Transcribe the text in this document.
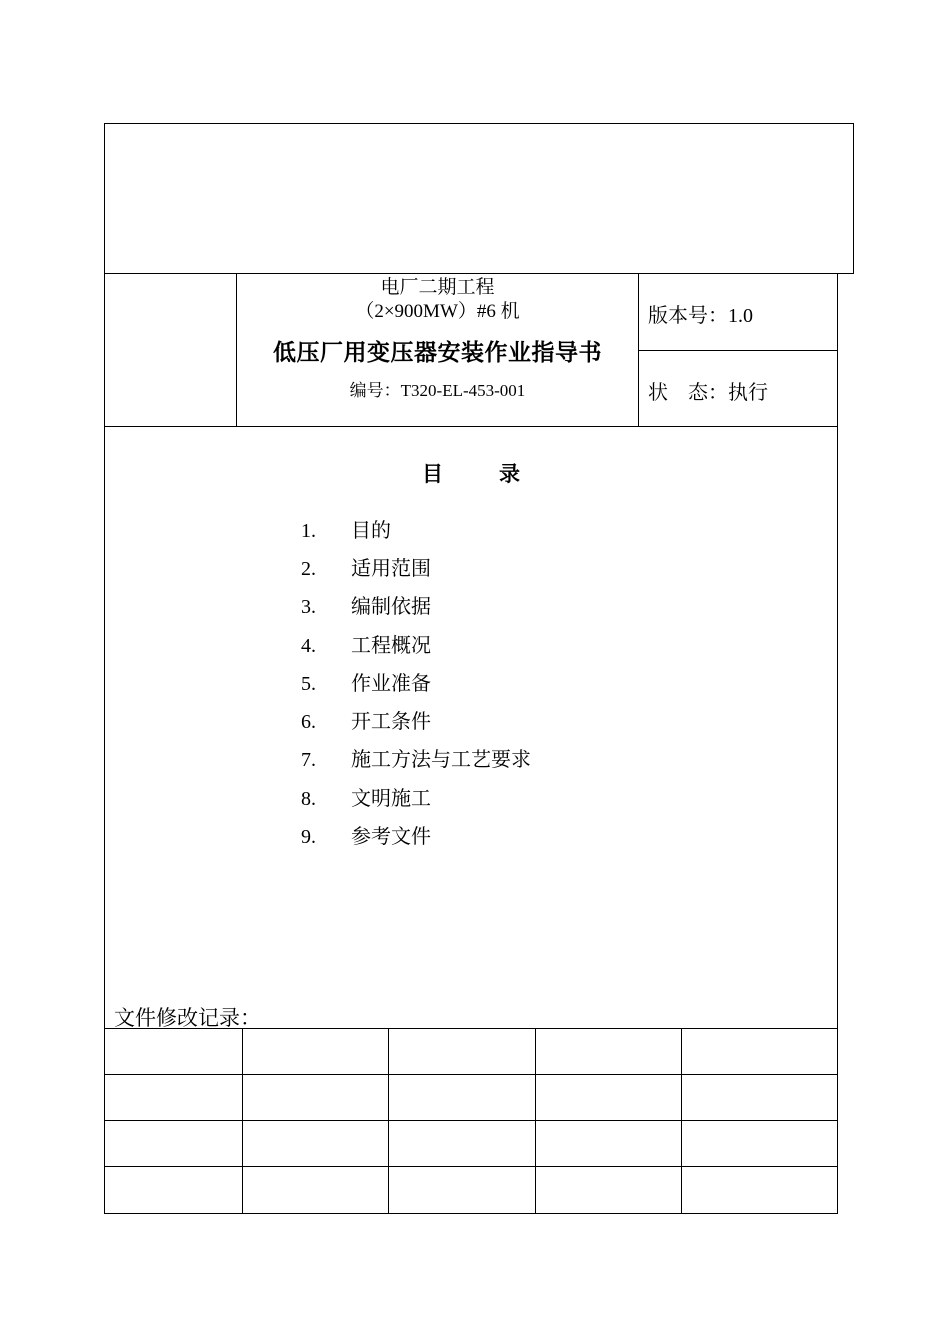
电厂二期工程
（2×900MW）#6 机
低压厂用变压器安装作业指导书
编号：T320-EL-453-001
版本号：1.0
状　态：执行
目录
1.	目的
2.	适用范围
3.	编制依据
4.	工程概况
5.	作业准备
6.	开工条件
7.	施工方法与工艺要求
8.	文明施工
9.	参考文件
文件修改记录：
